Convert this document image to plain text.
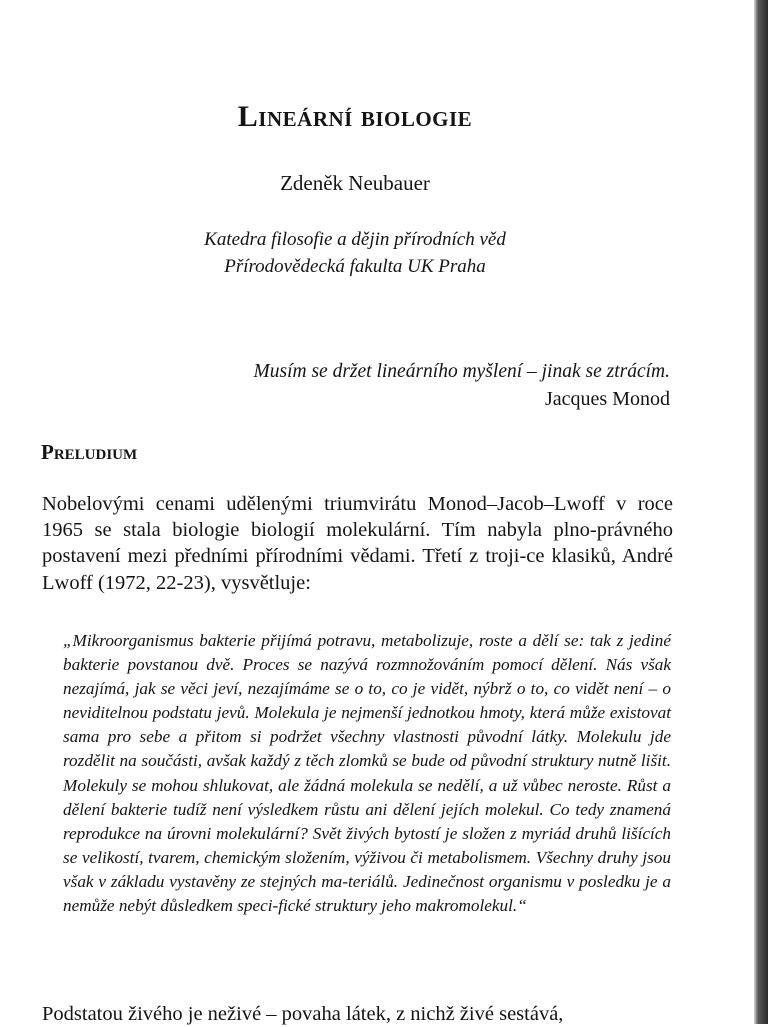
Lineární biologie

Zdeněk Neubauer

Katedra filosofie a dějin přírodních věd

Přírodovědecká fakulta UK Praha

Musím se držet lineárního myšlení – jinak se ztrácím.

Jacques Monod

Preludium

Nobelovými cenami udělenými triumvirátu Monod–Jacob–Lwoff v roce 1965 se stala biologie biologií molekulární. Tím nabyla plno-právného postavení mezi předními přírodními vědami. Třetí z troji-ce klasiků, André Lwoff (1972, 22-23), vysvětluje:

„Mikroorganismus bakterie přijímá potravu, metabolizuje, roste a dělí se: tak z jediné bakterie povstanou dvě. Proces se nazývá rozmnožováním pomocí dělení. Nás však nezajímá, jak se věci jeví, nezajímáme se o to, co je vidět, nýbrž o to, co vidět není – o neviditelnou podstatu jevů. Molekula je nejmenší jednotkou hmoty, která může existovat sama pro sebe a přitom si podržet všechny vlastnosti původní látky. Molekulu jde rozdělit na součásti, avšak každý z těch zlomků se bude od původní struktury nutně lišit. Molekuly se mohou shlukovat, ale žádná molekula se nedělí, a už vůbec neroste. Růst a dělení bakterie tudíž není výsledkem růstu ani dělení jejích molekul. Co tedy znamená reprodukce na úrovni molekulární? Svět živých bytostí je složen z myriád druhů lišících se velikostí, tvarem, chemickým složením, výživou či metabolismem. Všechny druhy jsou však v základu vystavěny ze stejných ma-teriálů. Jedinečnost organismu v posledku je a nemůže nebýt důsledkem speci-fické struktury jeho makromolekul.“

Podstatou živého je neživé – povaha látek, z nichž živé sestává,
